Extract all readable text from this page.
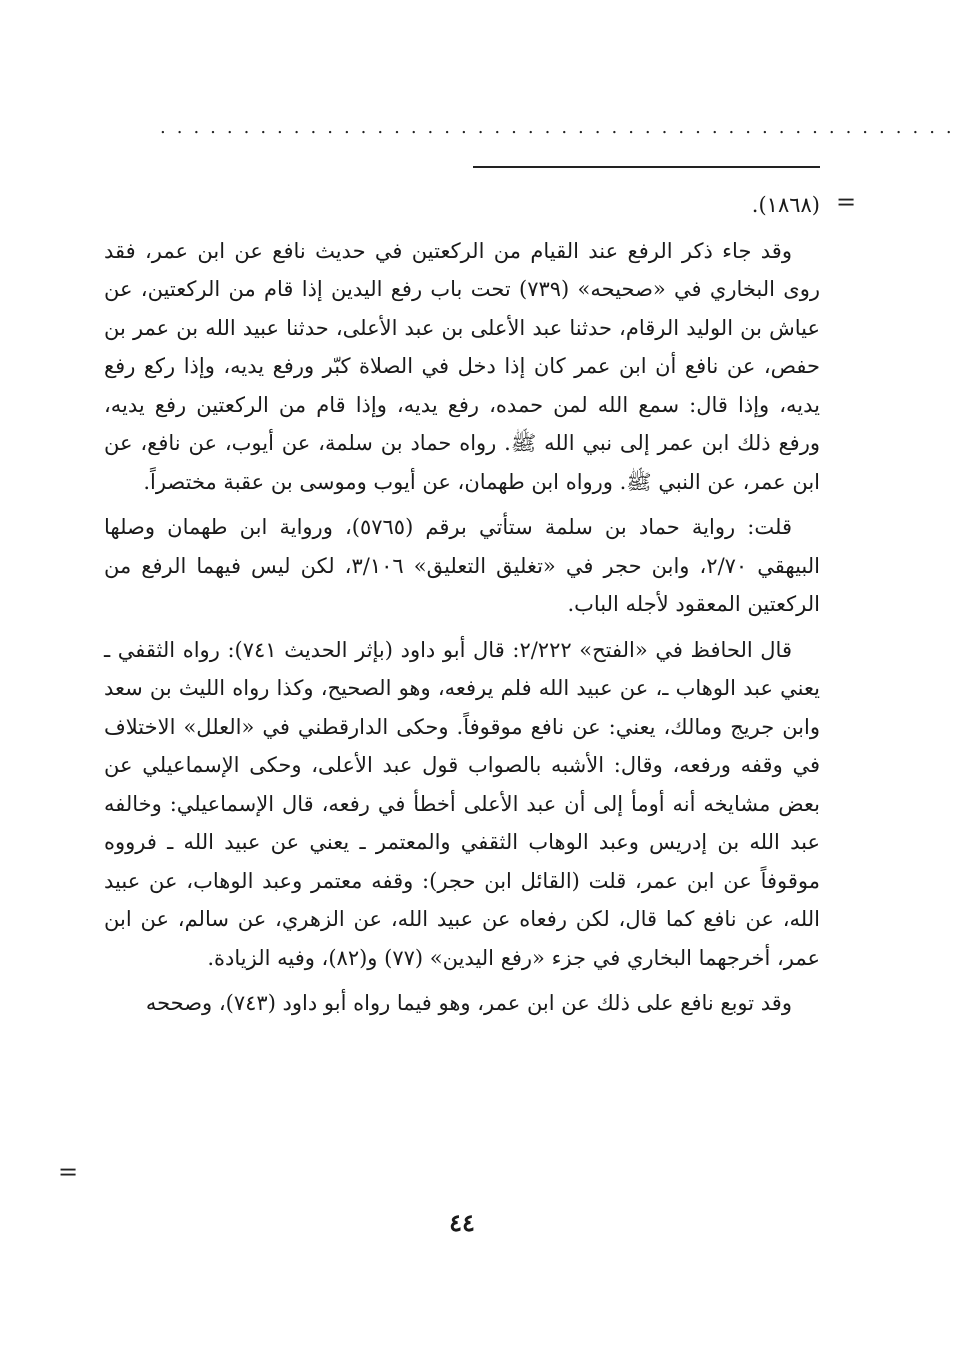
................................................
=

(١٨٦٨).

وقد جاء ذكر الرفع عند القيام من الركعتين في حديث نافع عن ابن عمر، فقد روى البخاري في «صحيحه» (٧٣٩) تحت باب رفع اليدين إذا قام من الركعتين، عن عياش بن الوليد الرقام، حدثنا عبد الأعلى بن عبد الأعلى، حدثنا عبيد الله بن عمر بن حفص، عن نافع أن ابن عمر كان إذا دخل في الصلاة كبّر ورفع يديه، وإذا ركع رفع يديه، وإذا قال: سمع الله لمن حمده، رفع يديه، وإذا قام من الركعتين رفع يديه، ورفع ذلك ابن عمر إلى نبي الله ﷺ. رواه حماد بن سلمة، عن أيوب، عن نافع، عن ابن عمر، عن النبي ﷺ. ورواه ابن طهمان، عن أيوب وموسى بن عقبة مختصراً.

قلت: رواية حماد بن سلمة ستأتي برقم (٥٧٦٥)، ورواية ابن طهمان وصلها البيهقي ٢/٧٠، وابن حجر في «تغليق التعليق» ٣/١٠٦، لكن ليس فيهما الرفع من الركعتين المعقود لأجله الباب.

قال الحافظ في «الفتح» ٢/٢٢٢: قال أبو داود (بإثر الحديث ٧٤١): رواه الثقفي ـ يعني عبد الوهاب ـ، عن عبيد الله فلم يرفعه، وهو الصحيح، وكذا رواه الليث بن سعد وابن جريج ومالك، يعني: عن نافع موقوفاً. وحكى الدارقطني في «العلل» الاختلاف في وقفه ورفعه، وقال: الأشبه بالصواب قول عبد الأعلى، وحكى الإسماعيلي عن بعض مشايخه أنه أومأ إلى أن عبد الأعلى أخطأ في رفعه، قال الإسماعيلي: وخالفه عبد الله بن إدريس وعبد الوهاب الثقفي والمعتمر ـ يعني عن عبيد الله ـ فرووه موقوفاً عن ابن عمر، قلت (القائل ابن حجر): وقفه معتمر وعبد الوهاب، عن عبيد الله، عن نافع كما قال، لكن رفعاه عن عبيد الله، عن الزهري، عن سالم، عن ابن عمر، أخرجهما البخاري في جزء «رفع اليدين» (٧٧) و(٨٢)، وفيه الزيادة.

وقد توبع نافع على ذلك عن ابن عمر، وهو فيما رواه أبو داود (٧٤٣)، وصححه

=
٤٤
